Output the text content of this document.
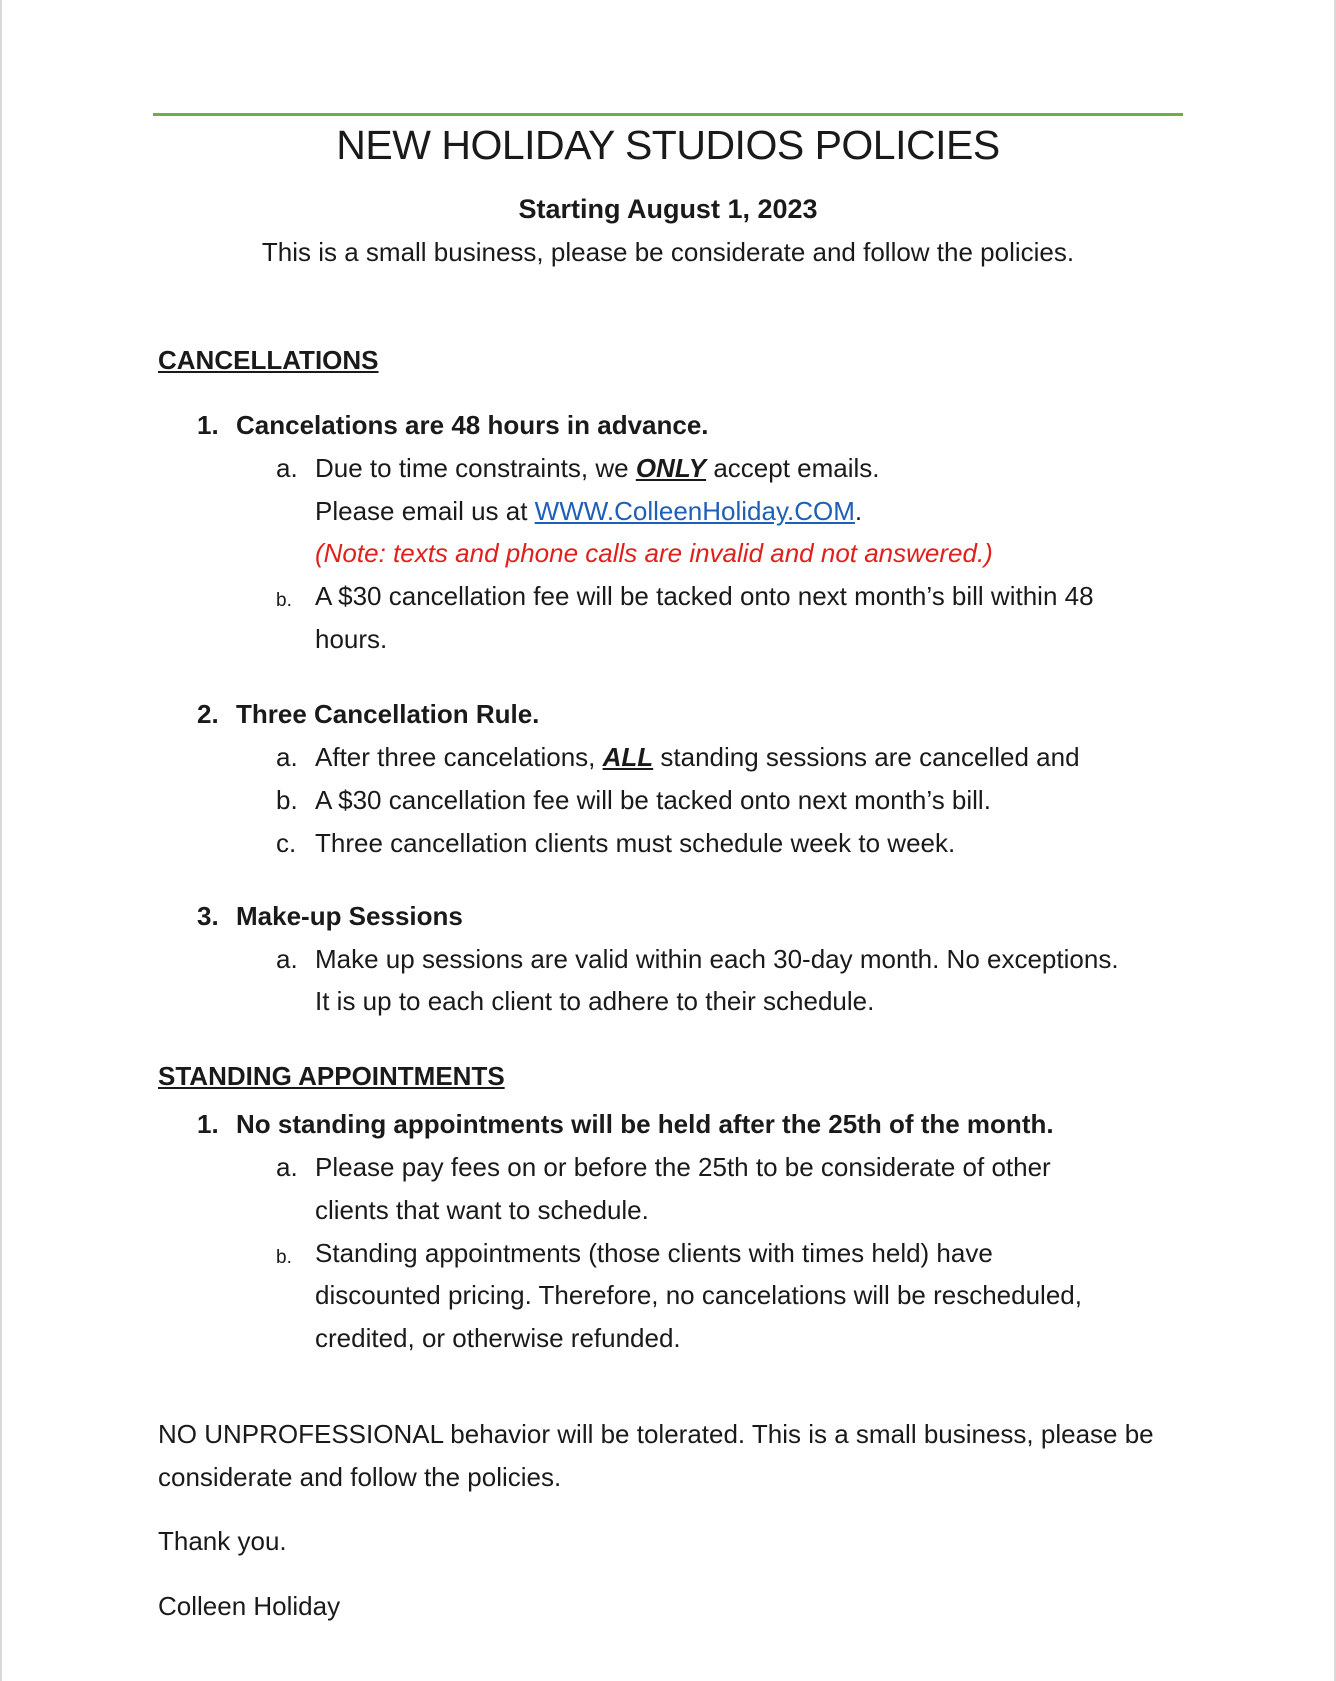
NEW HOLIDAY STUDIOS POLICIES
Starting August 1, 2023
This is a small business, please be considerate and follow the policies.
CANCELLATIONS
1. Cancelations are 48 hours in advance.
a. Due to time constraints, we ONLY accept emails.
Please email us at WWW.ColleenHoliday.COM.
(Note: texts and phone calls are invalid and not answered.)
b. A $30 cancellation fee will be tacked onto next month’s bill within 48
hours.
2. Three Cancellation Rule.
a. After three cancelations, ALL standing sessions are cancelled and
b. A $30 cancellation fee will be tacked onto next month’s bill.
c. Three cancellation clients must schedule week to week.
3. Make-up Sessions
a. Make up sessions are valid within each 30-day month. No exceptions.
It is up to each client to adhere to their schedule.
STANDING APPOINTMENTS
1. No standing appointments will be held after the 25th of the month.
a. Please pay fees on or before the 25th to be considerate of other
clients that want to schedule.
b. Standing appointments (those clients with times held) have
discounted pricing. Therefore, no cancelations will be rescheduled,
credited, or otherwise refunded.
NO UNPROFESSIONAL behavior will be tolerated. This is a small business, please be
considerate and follow the policies.
Thank you.
Colleen Holiday
